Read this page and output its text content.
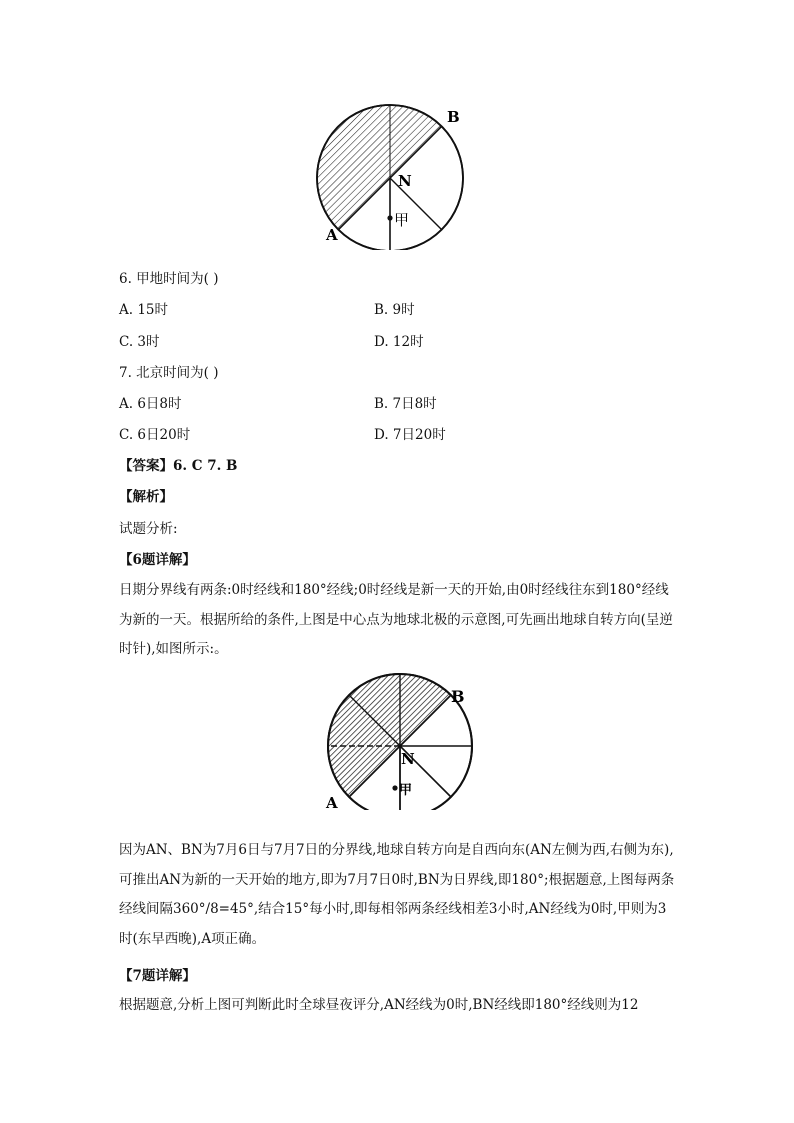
甲
N
B
A
6. 甲地时间为( )
A. 15时	B. 9时
C. 3时	D. 12时
7. 北京时间为( )
A. 6日8时	B. 7日8时
C. 6日20时	D. 7日20时
【答案】6. C 7. B
【解析】
试题分析:
【6题详解】
日期分界线有两条:0时经线和180°经线;0时经线是新一天的开始,由0时经线往东到180°经线为新的一天。根据所给的条件,上图是中心点为地球北极的示意图,可先画出地球自转方向(呈逆时针),如图所示:。
甲
N
B
A
因为AN、BN为7月6日与7月7日的分界线,地球自转方向是自西向东(AN左侧为西,右侧为东),可推出AN为新的一天开始的地方,即为7月7日0时,BN为日界线,即180°;根据题意,上图每两条经线间隔360°/8=45°,结合15°每小时,即每相邻两条经线相差3小时,AN经线为0时,甲则为3时(东早西晚),A项正确。
【7题详解】
根据题意,分析上图可判断此时全球昼夜评分,AN经线为0时,BN经线即180°经线则为12
